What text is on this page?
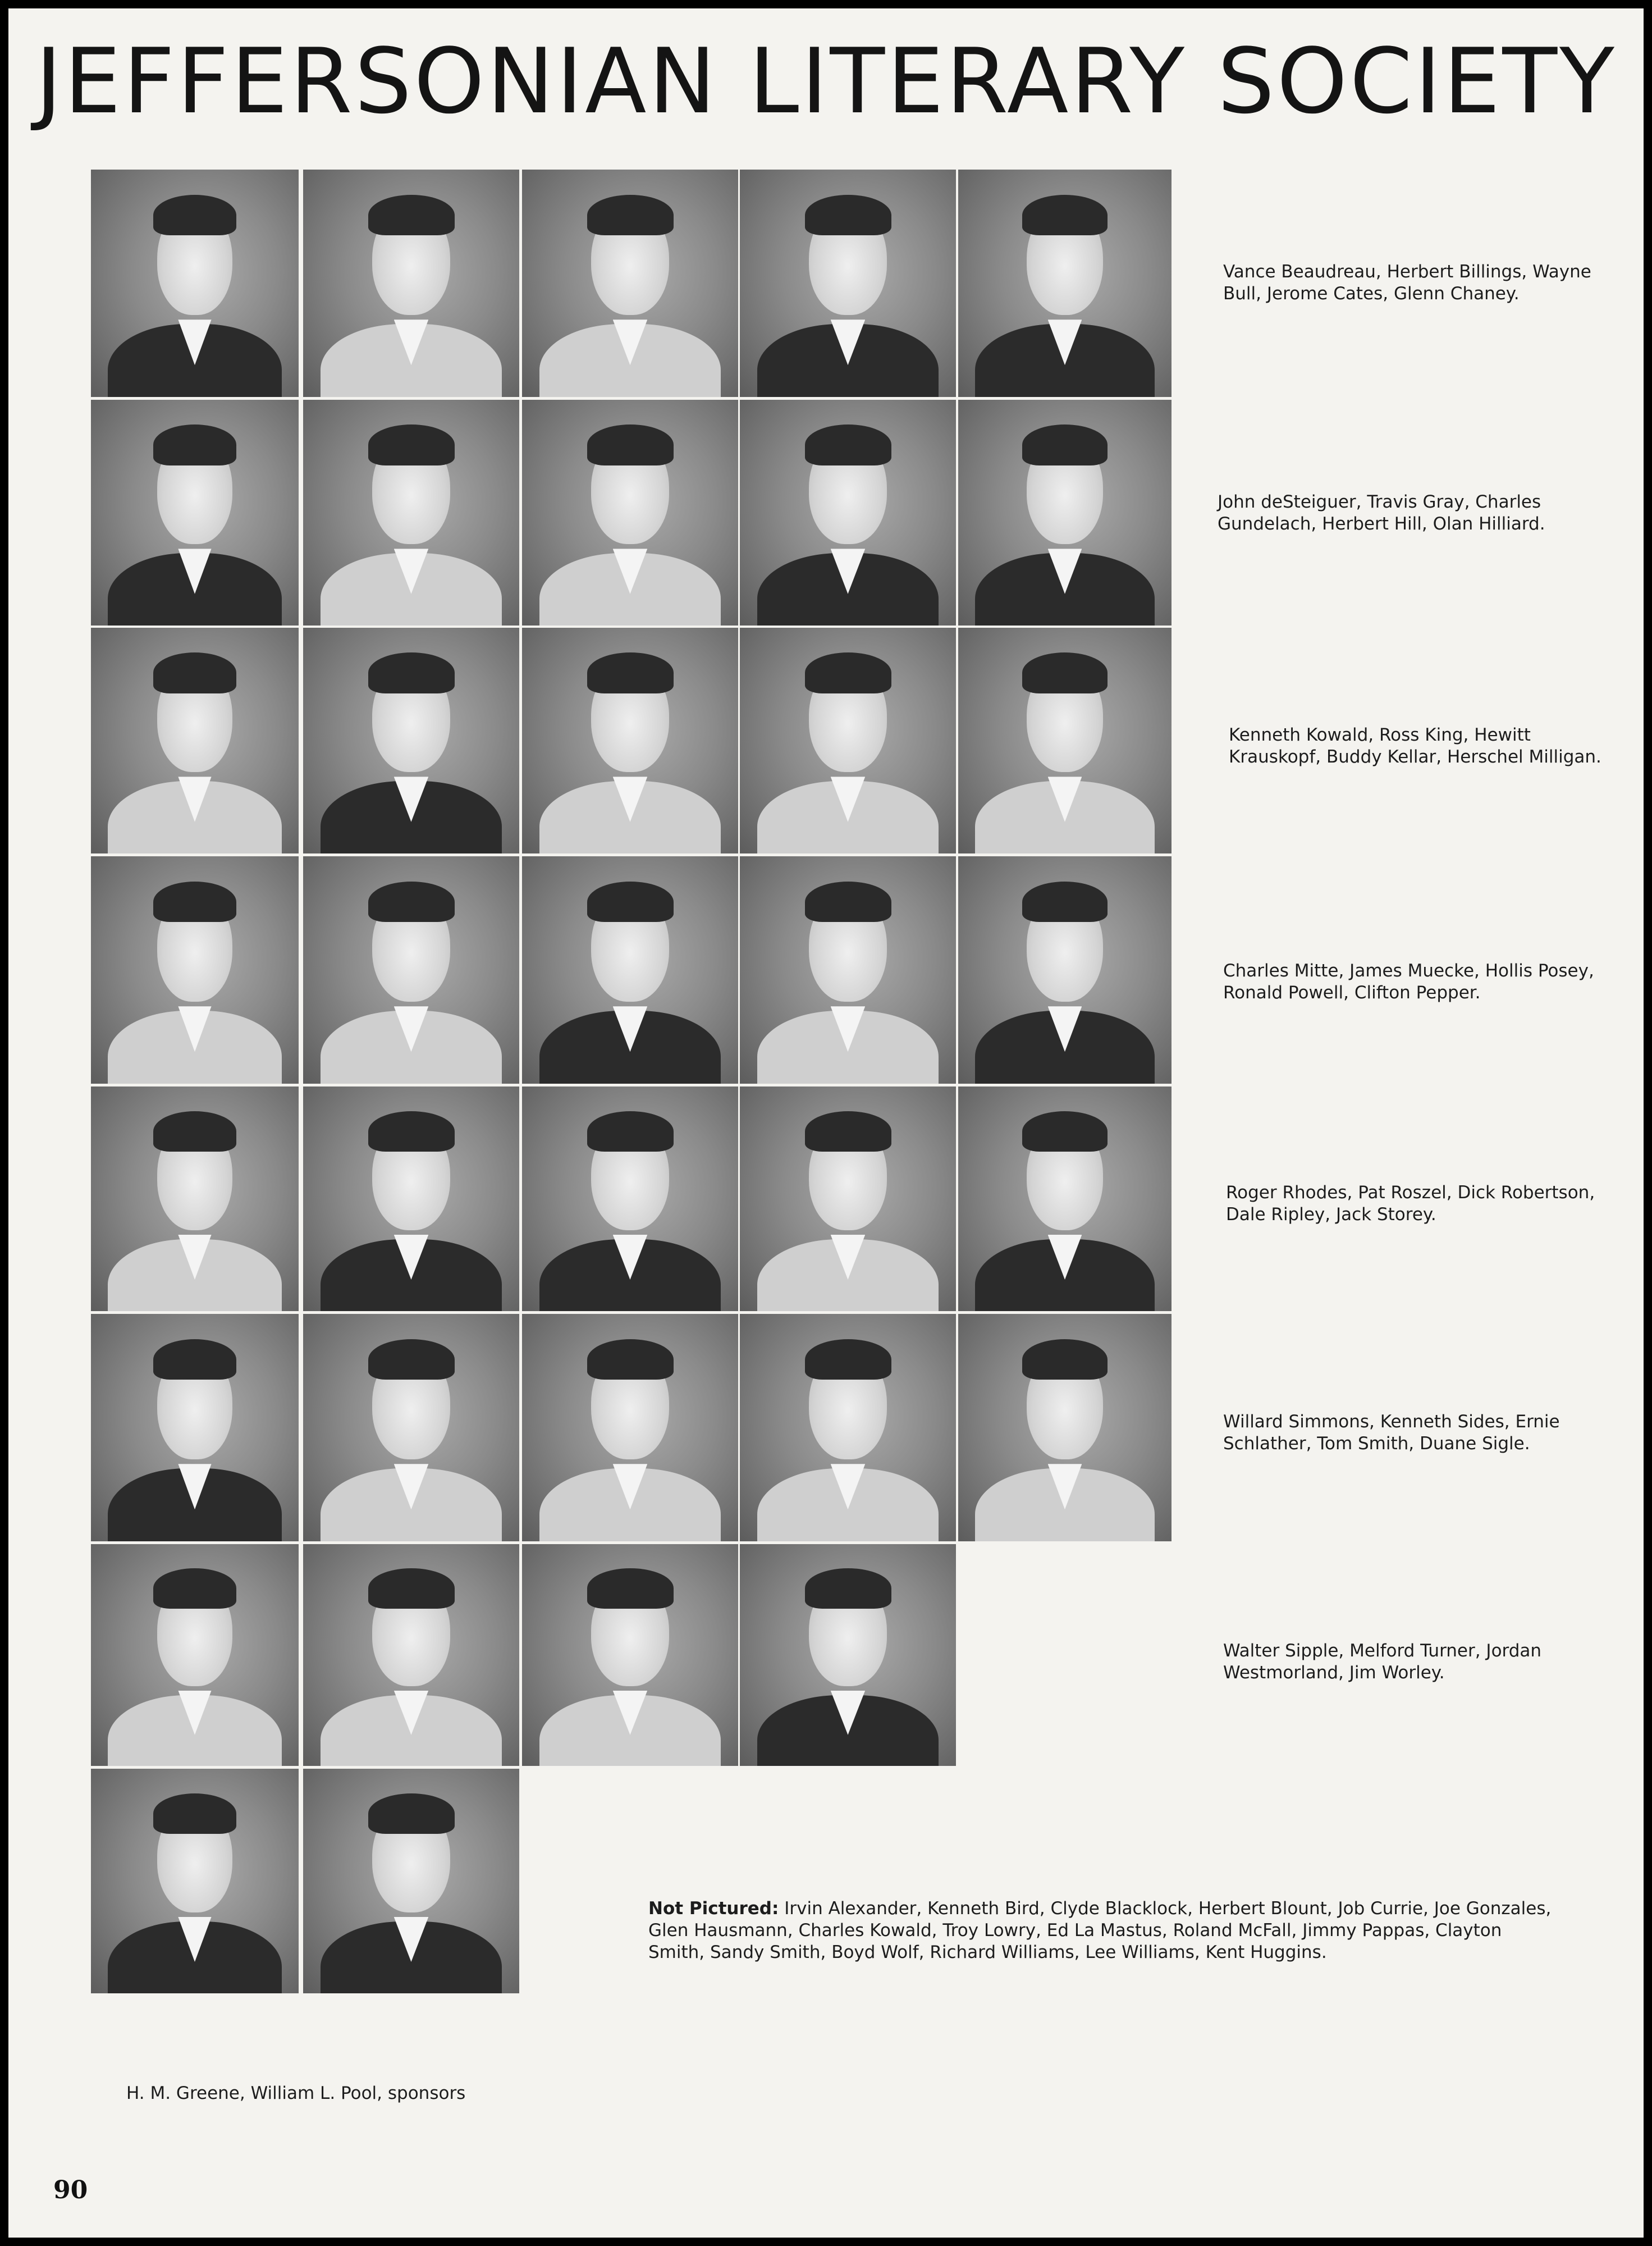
JEFFERSONIAN LITERARY SOCIETY

Vance Beaudreau, Herbert Billings, Wayne Bull, Jerome Cates, Glenn Chaney.

John deSteiguer, Travis Gray, Charles Gundelach, Herbert Hill, Olan Hilliard.

Kenneth Kowald, Ross King, Hewitt Krauskopf, Buddy Kellar, Herschel Milligan.

Charles Mitte, James Muecke, Hollis Posey, Ronald Powell, Clifton Pepper.

Roger Rhodes, Pat Roszel, Dick Robertson, Dale Ripley, Jack Storey.

Willard Simmons, Kenneth Sides, Ernie Schlather, Tom Smith, Duane Sigle.

Walter Sipple, Melford Turner, Jordan Westmorland, Jim Worley.

Not Pictured: Irvin Alexander, Kenneth Bird, Clyde Blacklock, Herbert Blount, Job Currie, Joe Gonzales, Glen Hausmann, Charles Kowald, Troy Lowry, Ed La Mastus, Roland McFall, Jimmy Pappas, Clayton Smith, Sandy Smith, Boyd Wolf, Richard Williams, Lee Williams, Kent Huggins.

H. M. Greene, William L. Pool, sponsors

90
